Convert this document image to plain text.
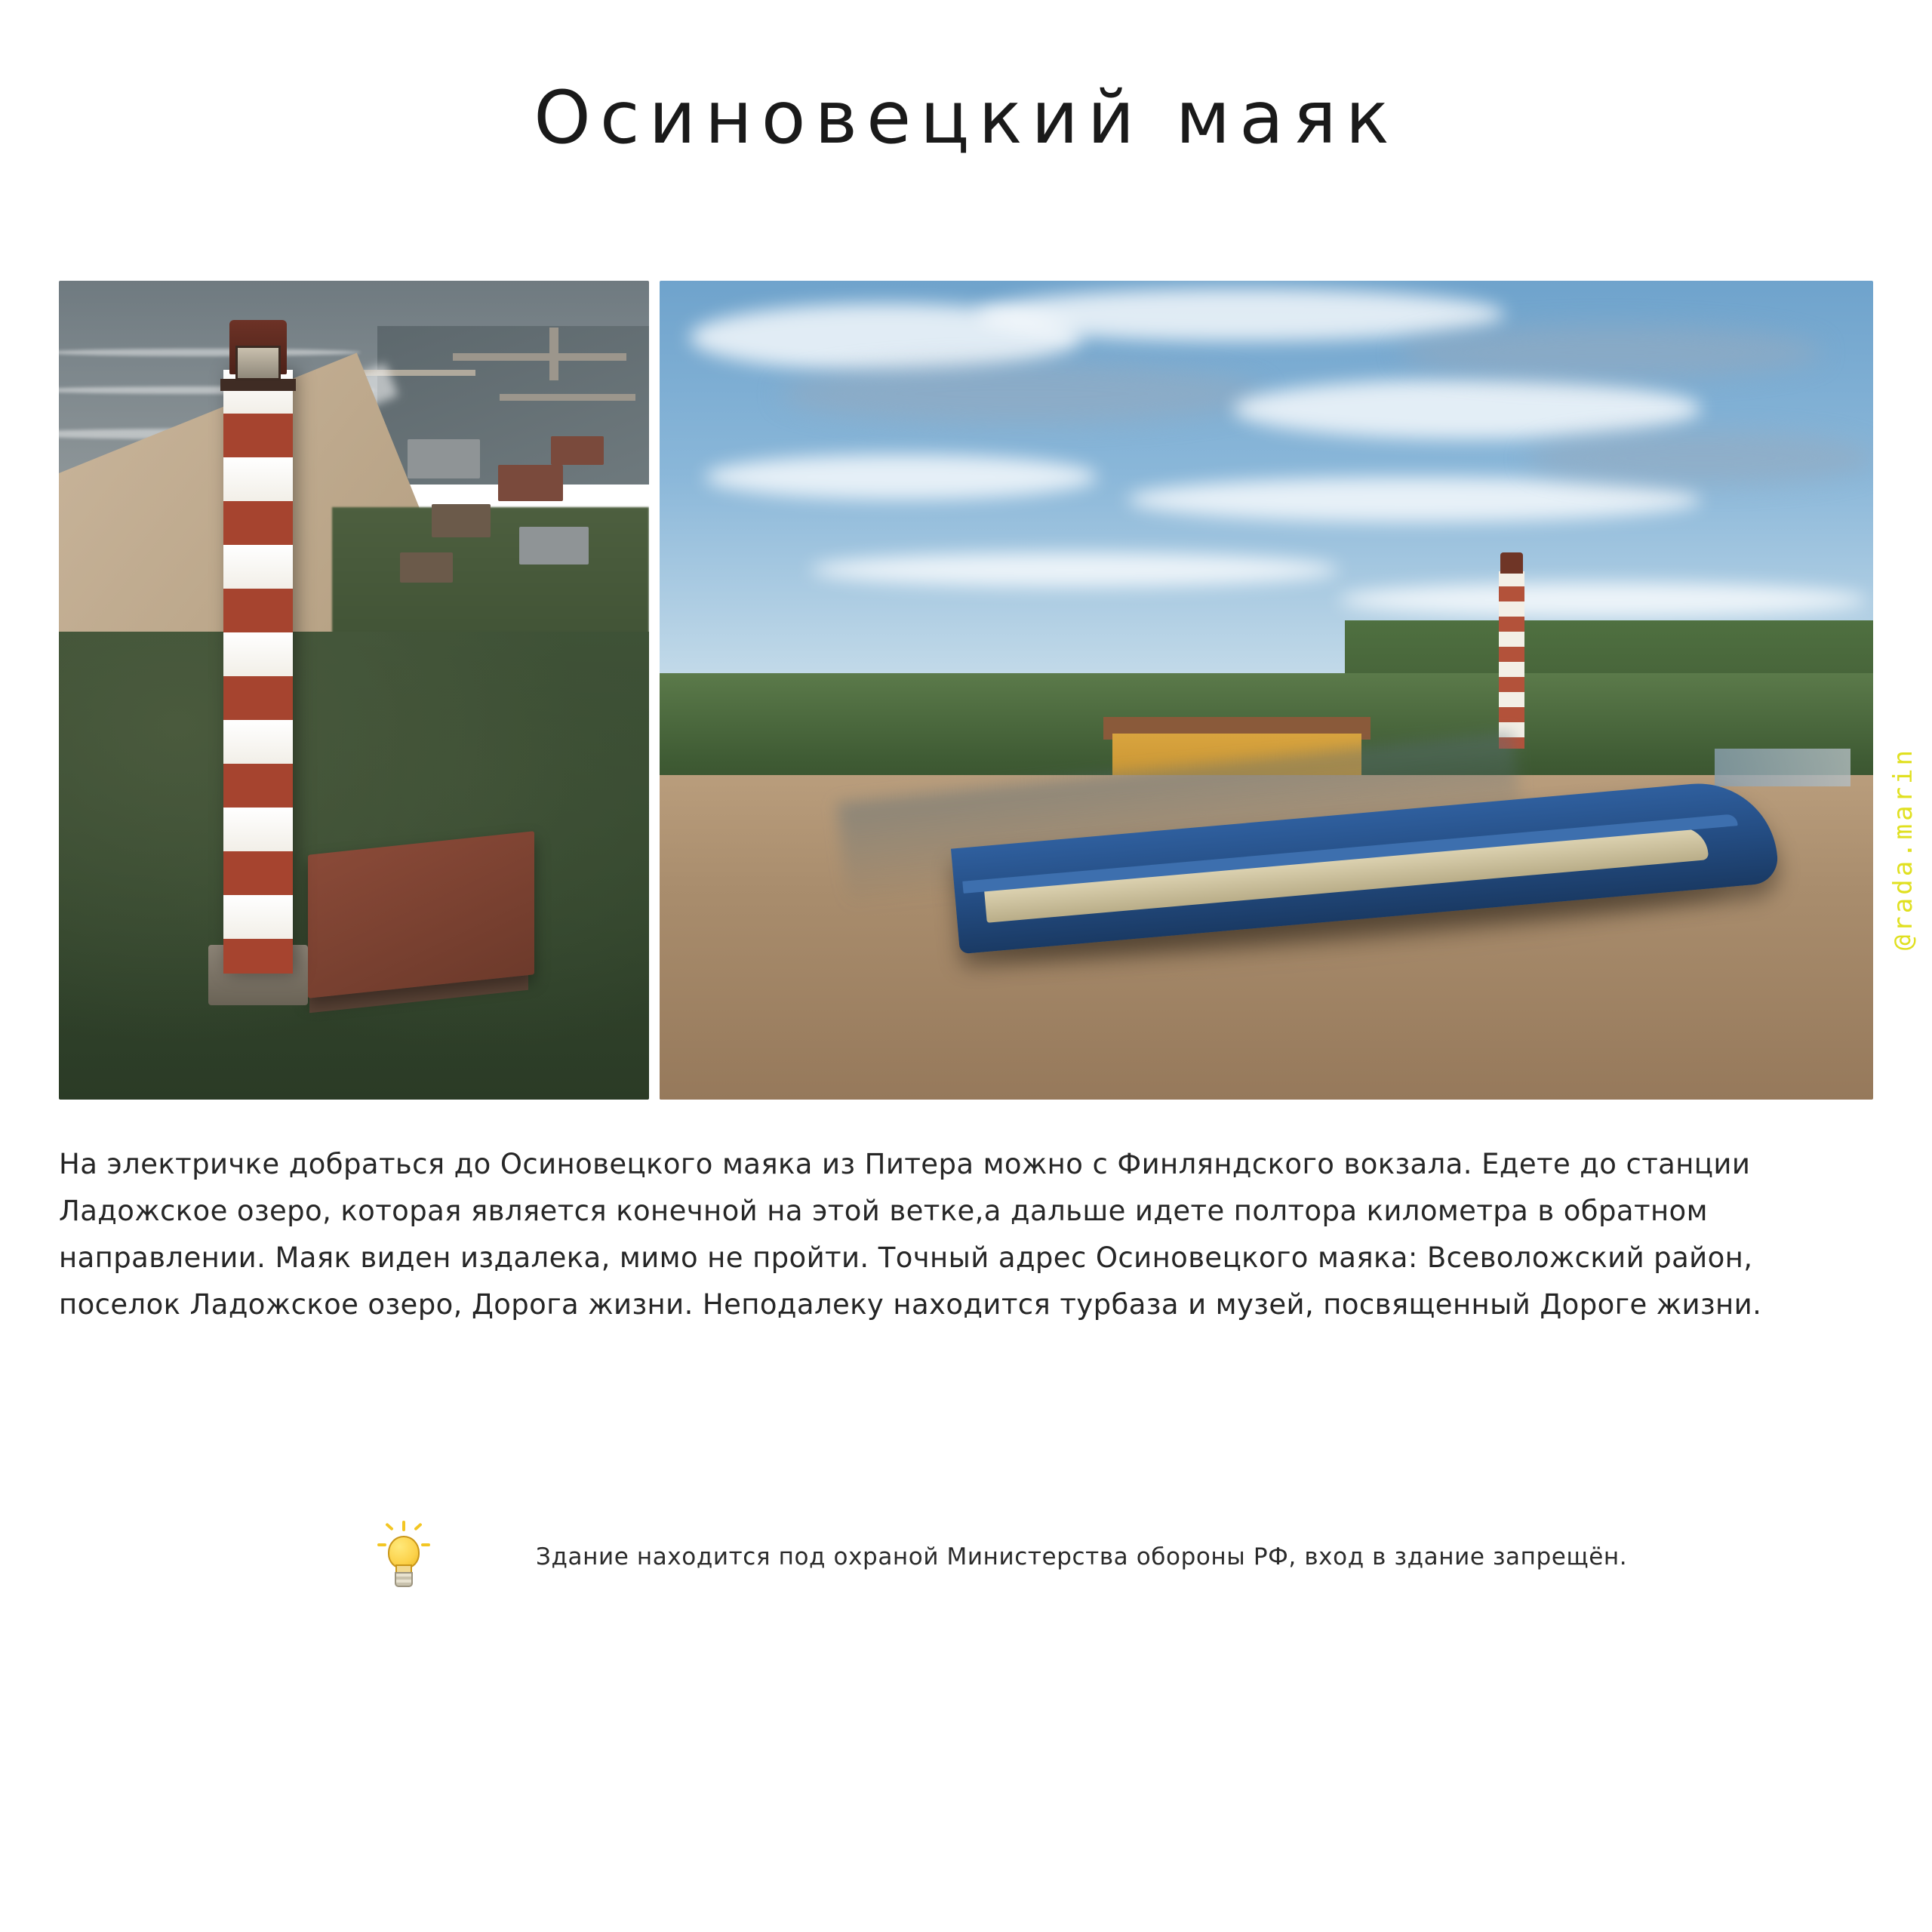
Осиновецкий маяк
@rada.marin
На электричке добраться до Осиновецкого маяка из Питера можно с Финляндского вокзала. Едете до станции Ладожское озеро, которая является конечной на этой ветке,а дальше идете полтора километра в обратном направлении. Маяк виден издалека, мимо не пройти. Точный адрес Осиновецкого маяка: Всеволожский район, поселок Ладожское озеро, Дорога жизни. Неподалеку находится турбаза и музей, посвященный Дороге жизни.
Здание находится под охраной Министерства обороны РФ, вход в здание запрещён.
